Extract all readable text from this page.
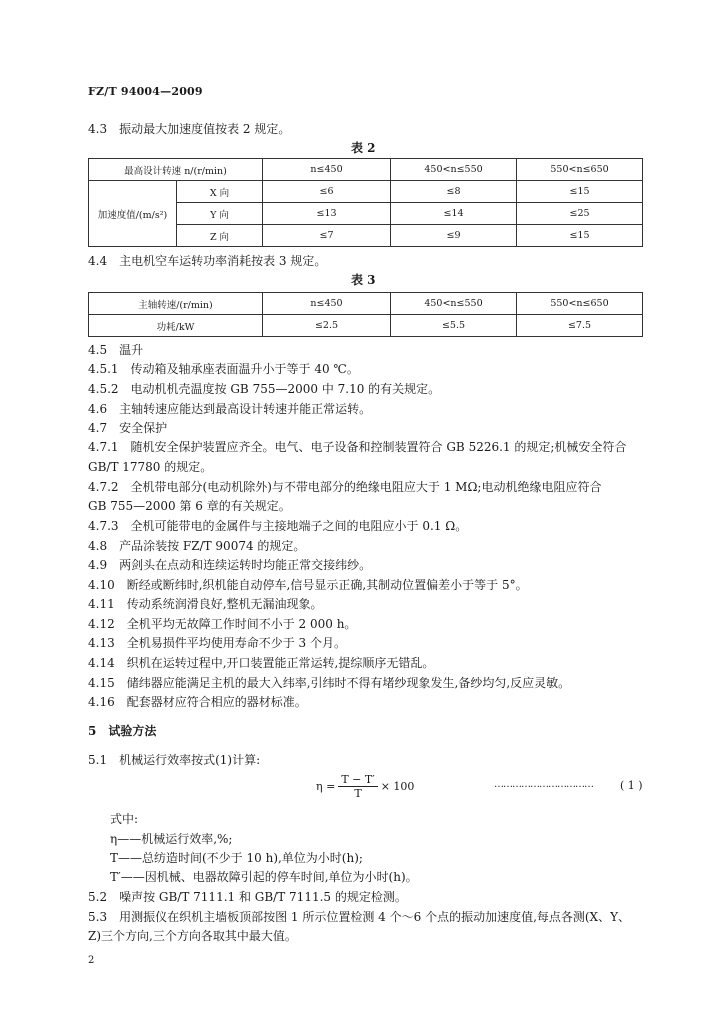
FZ/T 94004—2009
4.3　振动最大加速度值按表 2 规定。
表 2
最高设计转速 n/(r/min)		n≤450	450<n≤550	550<n≤650
加速度值/(m/s²)	X 向	≤6	≤8	≤15
	Y 向	≤13	≤14	≤25
	Z 向	≤7	≤9	≤15
4.4　主电机空车运转功率消耗按表 3 规定。
表 3
主轴转速/(r/min)	n≤450	450<n≤550	550<n≤650
功耗/kW	≤2.5	≤5.5	≤7.5
4.5　温升
4.5.1　传动箱及轴承座表面温升小于等于 40 ℃。
4.5.2　电动机机壳温度按 GB 755—2000 中 7.10 的有关规定。
4.6　主轴转速应能达到最高设计转速并能正常运转。
4.7　安全保护
4.7.1　随机安全保护装置应齐全。电气、电子设备和控制装置符合 GB 5226.1 的规定;机械安全符合
GB/T 17780 的规定。
4.7.2　全机带电部分(电动机除外)与不带电部分的绝缘电阻应大于 1 MΩ;电动机绝缘电阻应符合
GB 755—2000 第 6 章的有关规定。
4.7.3　全机可能带电的金属件与主接地端子之间的电阻应小于 0.1 Ω。
4.8　产品涂装按 FZ/T 90074 的规定。
4.9　两剑头在点动和连续运转时均能正常交接纬纱。
4.10　断经或断纬时,织机能自动停车,信号显示正确,其制动位置偏差小于等于 5°。
4.11　传动系统润滑良好,整机无漏油现象。
4.12　全机平均无故障工作时间不小于 2 000 h。
4.13　全机易损件平均使用寿命不少于 3 个月。
4.14　织机在运转过程中,开口装置能正常运转,提综顺序无错乱。
4.15　储纬器应能满足主机的最大入纬率,引纬时不得有堵纱现象发生,备纱均匀,反应灵敏。
4.16　配套器材应符合相应的器材标准。
5　试验方法
5.1　机械运行效率按式(1)计算:
$\eta = \frac{T - T'}{T} \times 100$	…………………………… ( 1 )
式中:
η——机械运行效率,%;
T——总纺造时间(不少于 10 h),单位为小时(h);
T′——因机械、电器故障引起的停车时间,单位为小时(h)。
5.2　噪声按 GB/T 7111.1 和 GB/T 7111.5 的规定检测。
5.3　用测振仪在织机主墙板顶部按图 1 所示位置检测 4 个～6 个点的振动加速度值,每点各测(X、Y、
Z)三个方向,三个方向各取其中最大值。
2
